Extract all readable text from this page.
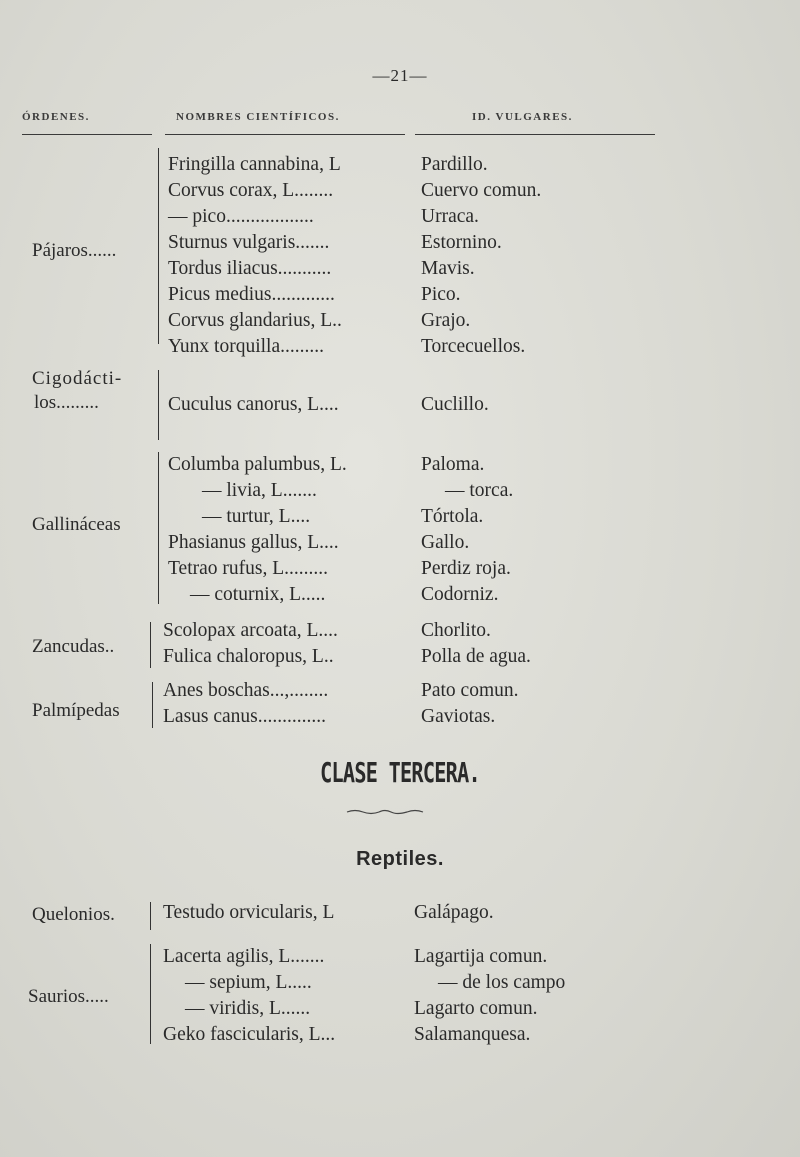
—21—
ÓRDENES.	NOMBRES CIENTÍFICOS.	ID. VULGARES.
Pájaros......
Fringilla cannabina, L	Pardillo.
Corvus corax, L........	Cuervo comun.
— pico..................	Urraca.
Sturnus vulgaris.......	Estornino.
Tordus iliacus...........	Mavis.
Picus medius.............	Pico.
Corvus glandarius, L..	Grajo.
Yunx torquilla.........	Torcecuellos.
Cigodácti-
los.........	Cuculus canorus, L....	Cuclillo.
Gallináceas
Columba palumbus, L.	Paloma.
— livia, L.......	— torca.
— turtur, L....	Tórtola.
Phasianus gallus, L....	Gallo.
Tetrao rufus, L.........	Perdiz roja.
— coturnix, L.....	Codorniz.
Zancudas..
Scolopax arcoata, L....	Chorlito.
Fulica chaloropus, L..	Polla de agua.
Palmípedas
Anes boschas...,........	Pato comun.
Lasus canus..............	Gaviotas.
CLASE TERCERA.
Reptiles.
Quelonios. Testudo orvicularis, L	Galápago.
Saurios.....
Lacerta agilis, L.......	Lagartija comun.
— sepium, L.....	— de los campo
— viridis, L......	Lagarto comun.
Geko fascicularis, L...	Salamanquesa.
